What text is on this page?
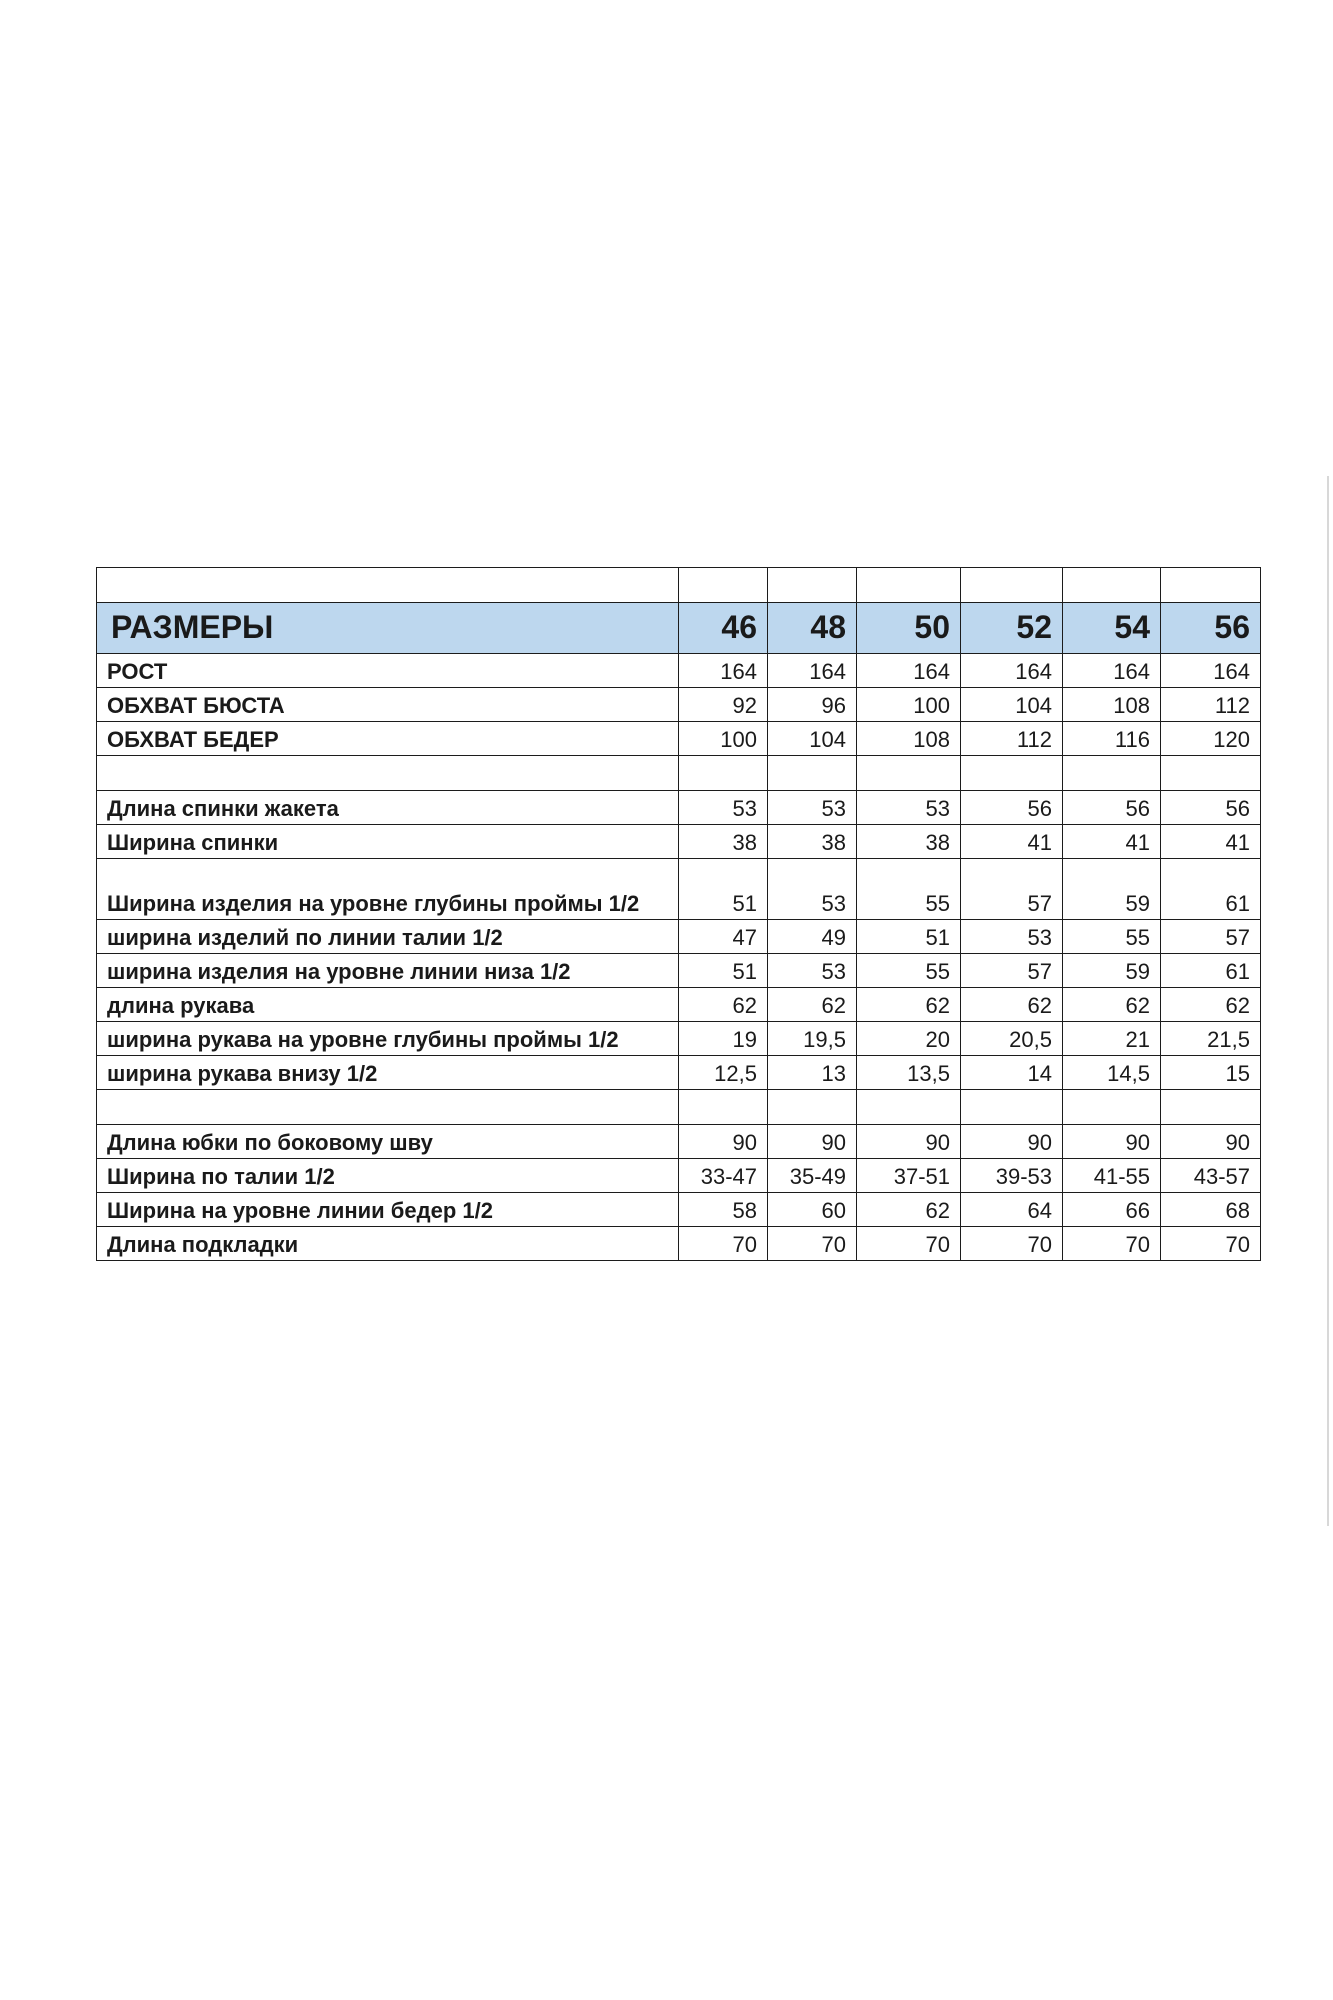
РАЗМЕРЫ	46	48	50	52	54	56
РОСТ	164	164	164	164	164	164
ОБХВАТ БЮСТА	92	96	100	104	108	112
ОБХВАТ БЕДЕР	100	104	108	112	116	120

Длина спинки жакета	53	53	53	56	56	56
Ширина спинки	38	38	38	41	41	41
Ширина изделия на уровне глубины проймы 1/2	51	53	55	57	59	61
ширина изделий по линии талии 1/2	47	49	51	53	55	57
ширина изделия на уровне линии низа 1/2	51	53	55	57	59	61
длина рукава	62	62	62	62	62	62
ширина рукава на уровне глубины проймы 1/2	19	19,5	20	20,5	21	21,5
ширина рукава внизу 1/2	12,5	13	13,5	14	14,5	15

Длина юбки по боковому шву	90	90	90	90	90	90
Ширина по талии 1/2	33-47	35-49	37-51	39-53	41-55	43-57
Ширина на уровне линии бедер 1/2	58	60	62	64	66	68
Длина подкладки	70	70	70	70	70	70
